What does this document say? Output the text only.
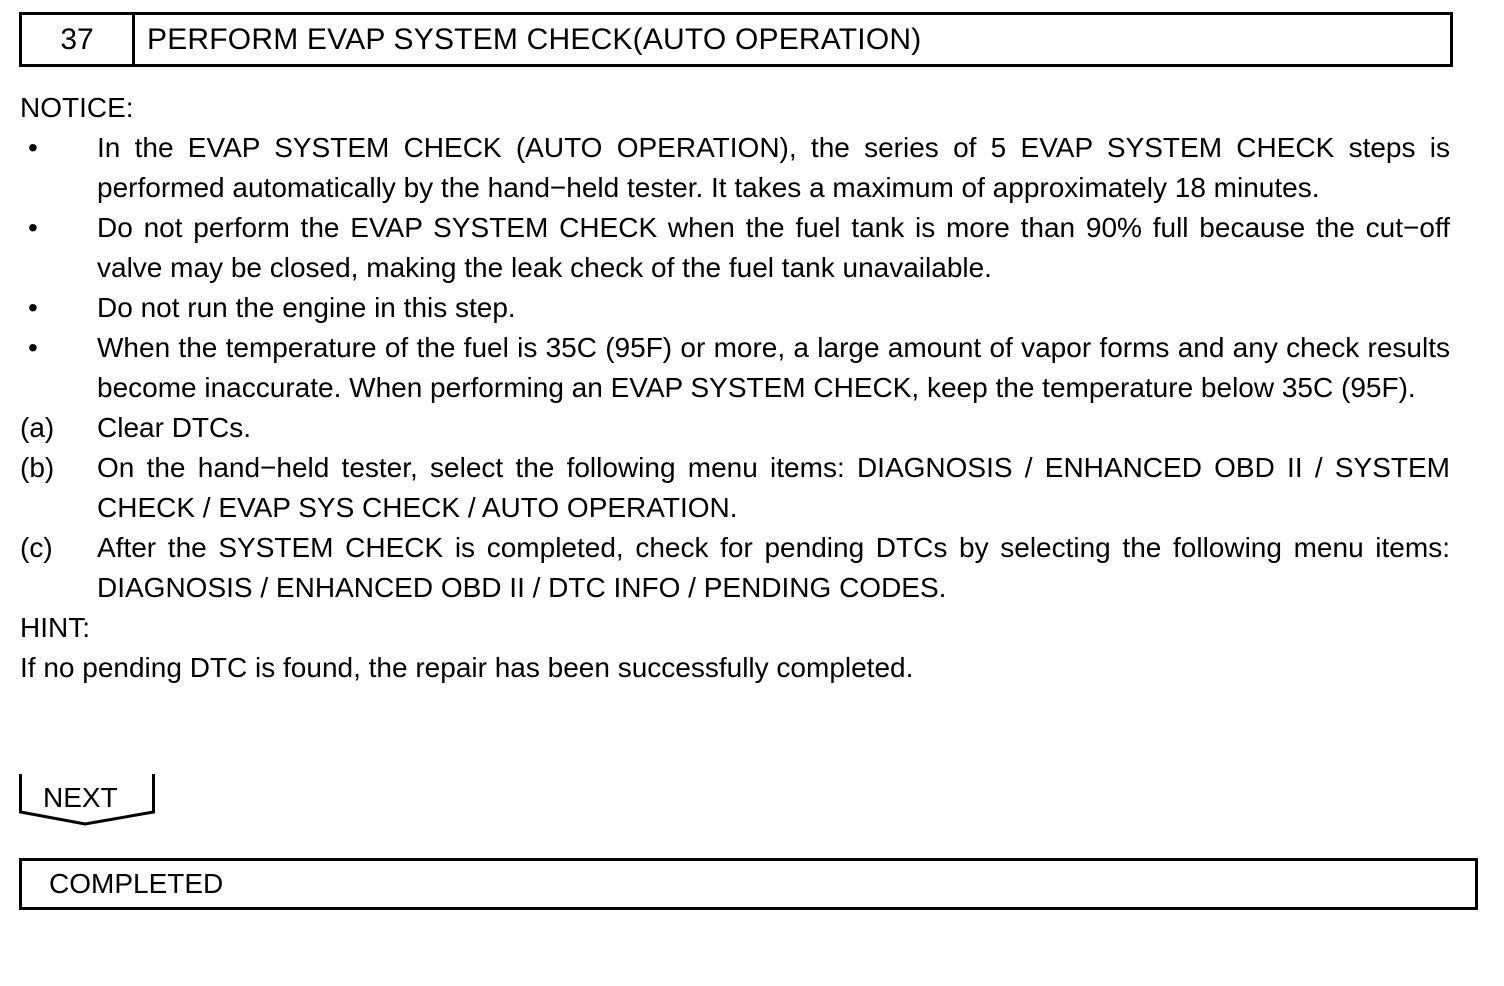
37	PERFORM EVAP SYSTEM CHECK(AUTO OPERATION)
NOTICE:
•	In the EVAP SYSTEM CHECK (AUTO OPERATION), the series of 5 EVAP SYSTEM CHECK steps is performed automatically by the hand−held tester. It takes a maximum of approximately 18 minutes.
•	Do not perform the EVAP SYSTEM CHECK when the fuel tank is more than 90% full because the cut−off valve may be closed, making the leak check of the fuel tank unavailable.
•	Do not run the engine in this step.
•	When the temperature of the fuel is 35C (95F) or more, a large amount of vapor forms and any check results become inaccurate. When performing an EVAP SYSTEM CHECK, keep the temperature below 35C (95F).
(a)	Clear DTCs.
(b)	On the hand−held tester, select the following menu items: DIAGNOSIS / ENHANCED OBD II / SYSTEM CHECK / EVAP SYS CHECK / AUTO OPERATION.
(c)	After the SYSTEM CHECK is completed, check for pending DTCs by selecting the following menu items: DIAGNOSIS / ENHANCED OBD II / DTC INFO / PENDING CODES.
HINT:
If no pending DTC is found, the repair has been successfully completed.
NEXT
COMPLETED
